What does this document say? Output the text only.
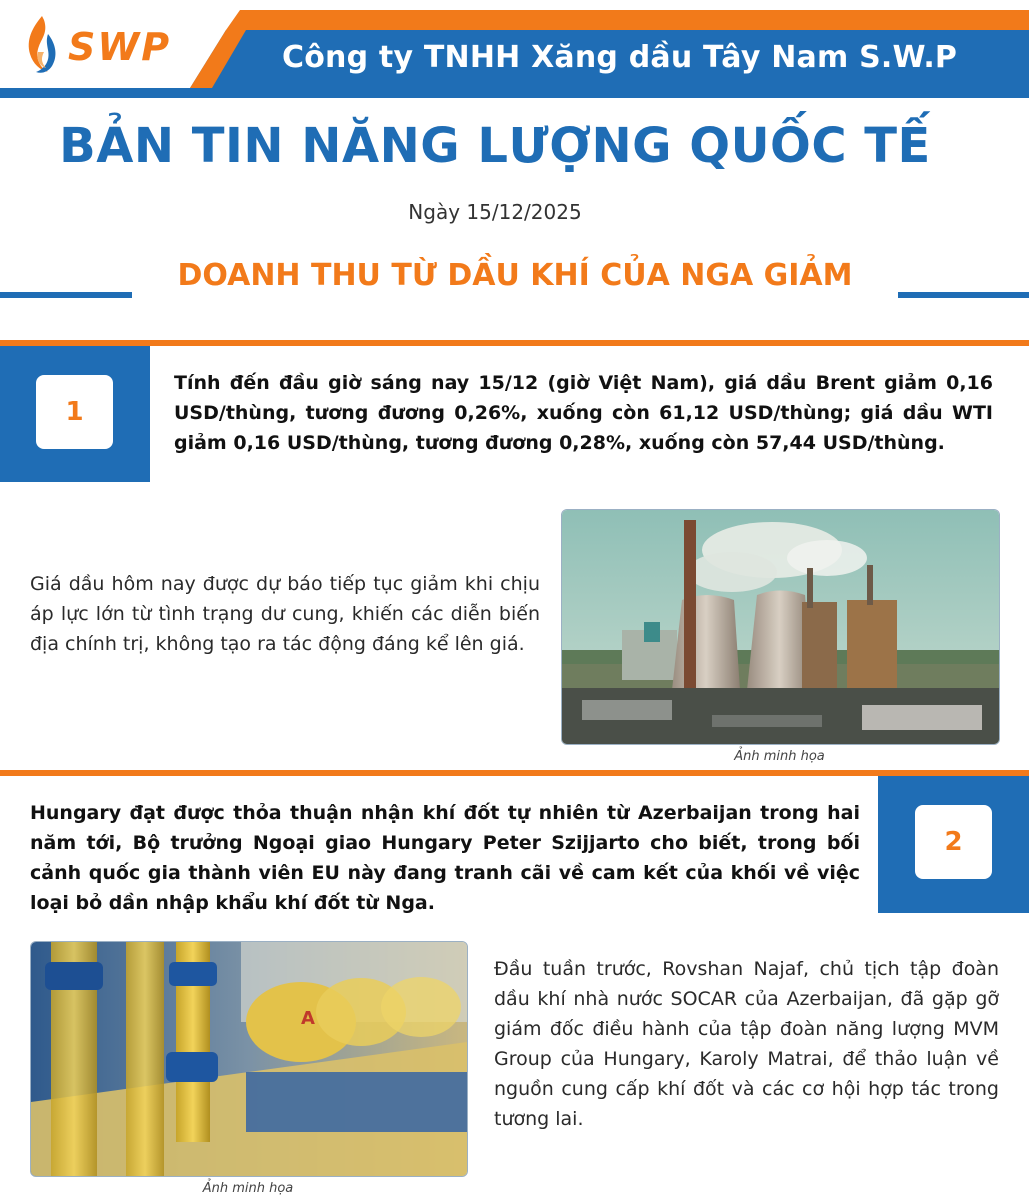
SWP	Công ty TNHH Xăng dầu Tây Nam S.W.P
BẢN TIN NĂNG LƯỢNG QUỐC TẾ
Ngày 15/12/2025
DOANH THU TỪ DẦU KHÍ CỦA NGA GIẢM
1
Tính đến đầu giờ sáng nay 15/12 (giờ Việt Nam), giá dầu Brent giảm 0,16 USD/thùng, tương đương 0,26%, xuống còn 61,12 USD/thùng; giá dầu WTI giảm 0,16 USD/thùng, tương đương 0,28%, xuống còn 57,44 USD/thùng.
Giá dầu hôm nay được dự báo tiếp tục giảm khi chịu áp lực lớn từ tình trạng dư cung, khiến các diễn biến địa chính trị, không tạo ra tác động đáng kể lên giá.
Ảnh minh họa
2
Hungary đạt được thỏa thuận nhận khí đốt tự nhiên từ Azerbaijan trong hai năm tới, Bộ trưởng Ngoại giao Hungary Peter Szijjarto cho biết, trong bối cảnh quốc gia thành viên EU này đang tranh cãi về cam kết của khối về việc loại bỏ dần nhập khẩu khí đốt từ Nga.
A
Ảnh minh họa
Đầu tuần trước, Rovshan Najaf, chủ tịch tập đoàn dầu khí nhà nước SOCAR của Azerbaijan, đã gặp gỡ giám đốc điều hành của tập đoàn năng lượng MVM Group của Hungary, Karoly Matrai, để thảo luận về nguồn cung cấp khí đốt và các cơ hội hợp tác trong tương lai.
